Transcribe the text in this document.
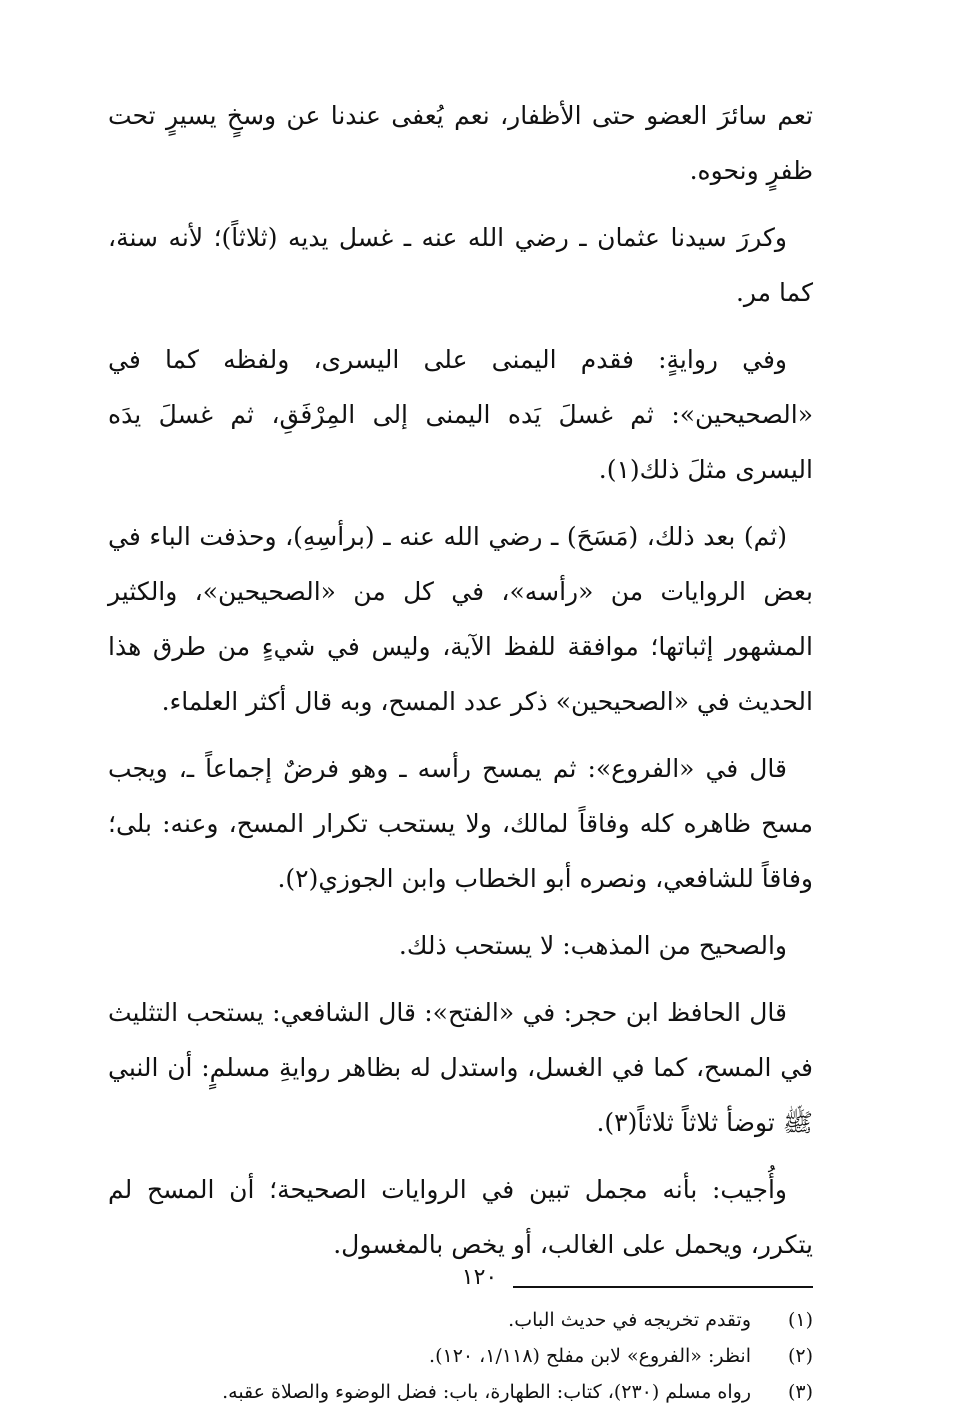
تعم سائرَ العضو حتى الأظفار، نعم يُعفى عندنا عن وسخٍ يسيرٍ تحت ظفرٍ ونحوه.

وكررَ سيدنا عثمان ـ رضي الله عنه ـ غسل يديه (ثلاثاً)؛ لأنه سنة، كما مر.

وفي روايةٍ: فقدم اليمنى على اليسرى، ولفظه كما في «الصحيحين»: ثم غسلَ يَده اليمنى إلى المِرْفَقِ، ثم غسلَ يدَه اليسرى مثلَ ذلك(١).

(ثم) بعد ذلك، (مَسَحَ) ـ رضي الله عنه ـ (برأسِهِ)، وحذفت الباء في بعض الروايات من «رأسه»، في كل من «الصحيحين»، والكثير المشهور إثباتها؛ موافقة للفظ الآية، وليس في شيءٍ من طرق هذا الحديث في «الصحيحين» ذكر عدد المسح، وبه قال أكثر العلماء.

قال في «الفروع»: ثم يمسح رأسه ـ وهو فرضٌ إجماعاً ـ، ويجب مسح ظاهره كله وفاقاً لمالك، ولا يستحب تكرار المسح، وعنه: بلى؛ وفاقاً للشافعي، ونصره أبو الخطاب وابن الجوزي(٢).

والصحيح من المذهب: لا يستحب ذلك.

قال الحافظ ابن حجر: في «الفتح»: قال الشافعي: يستحب التثليث في المسح، كما في الغسل، واستدل له بظاهر روايةِ مسلمٍ: أن النبي ﷺ توضأ ثلاثاً ثلاثاً(٣).

وأُجيب: بأنه مجمل تبين في الروايات الصحيحة؛ أن المسح لم يتكرر، ويحمل على الغالب، أو يخص بالمغسول.

(١)
وتقدم تخريجه في حديث الباب.
(٢)
انظر: «الفروع» لابن مفلح (١/١١٨، ١٢٠).
(٣)
رواه مسلم (٢٣٠)، كتاب: الطهارة، باب: فضل الوضوء والصلاة عقبه.
١٢٠
